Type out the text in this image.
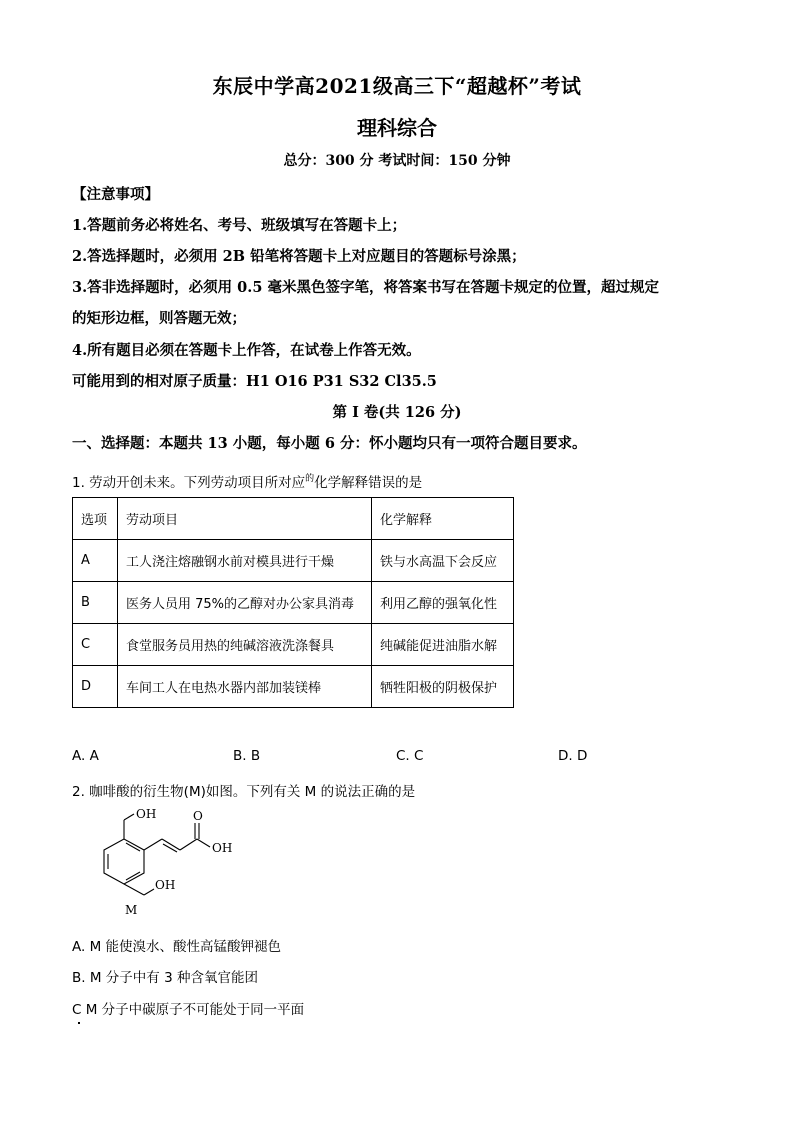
东辰中学高2021级高三下“超越杯”考试
理科综合
总分：300 分 考试时间：150 分钟
【注意事项】
1.答题前务必将姓名、考号、班级填写在答题卡上；
2.答选择题时，必须用 2B 铅笔将答题卡上对应题目的答题标号涂黑；
3.答非选择题时，必须用 0.5 毫米黑色签字笔，将答案书写在答题卡规定的位置，超过规定
的矩形边框，则答题无效；
4.所有题目必须在答题卡上作答，在试卷上作答无效。
可能用到的相对原子质量：H1 O16 P31 S32 Cl35.5
第 I 卷(共 126 分)
一、选择题：本题共 13 小题，每小题 6 分：怀小题均只有一项符合题目要求。
1. 劳动开创未来。下列劳动项目所对应$^的$化学解释错误的是
选项	劳动项目	化学解释
A	工人浇注熔融钢水前对模具进行干燥	铁与水高温下会反应
B	医务人员用 75%的乙醇对办公家具消毒	利用乙醇的强氧化性
C	食堂服务员用热的纯碱溶液洗涤餐具	纯碱能促进油脂水解
D	车间工人在电热水器内部加装镁棒	牺牲阳极的阴极保护
A. A	B. B	C. C	D. D
2. 咖啡酸的衍生物(M)如图。下列有关 M 的说法正确的是
OH	O
OH
OH
M
A. M 能使溴水、酸性高锰酸钾褪色
B. M 分子中有 3 种含氧官能团
C M 分子中碳原子不可能处于同一平面
